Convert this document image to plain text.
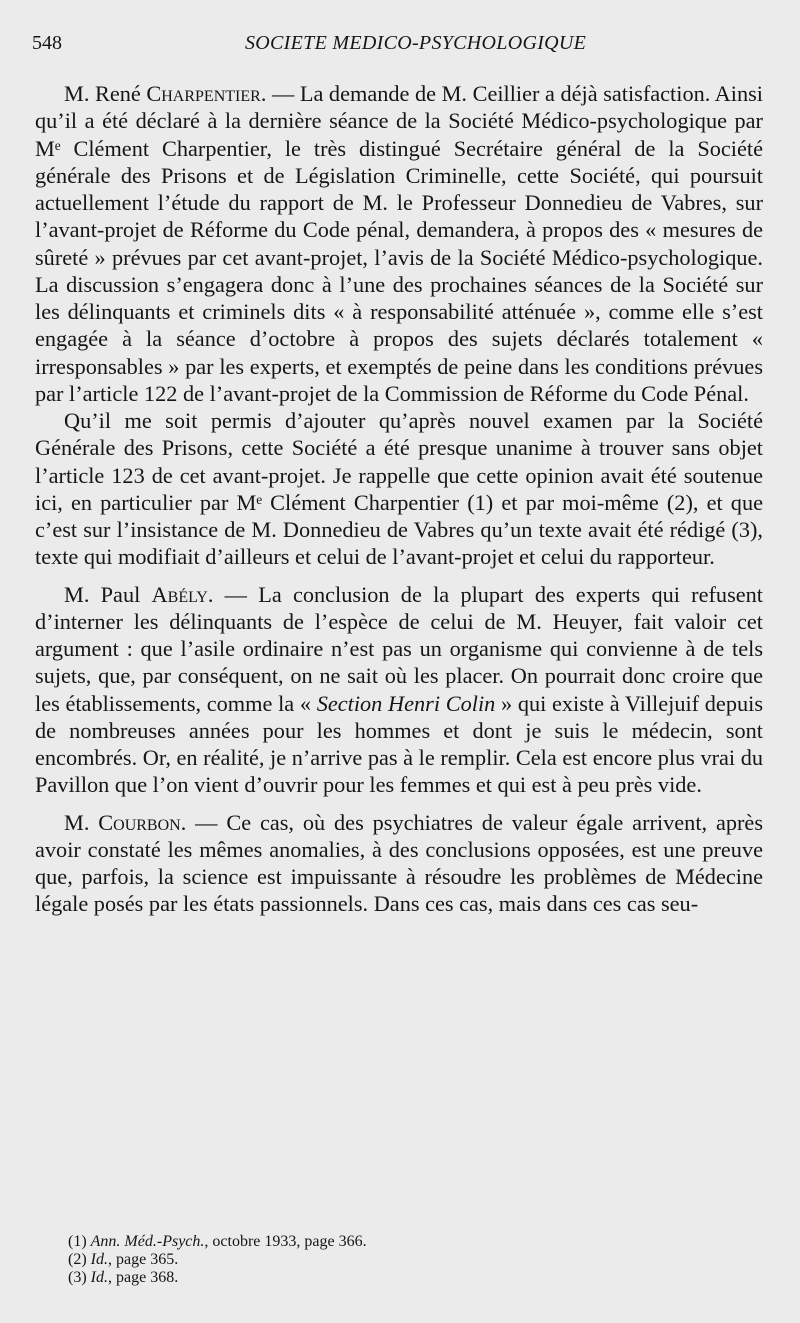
548	SOCIETE MEDICO-PSYCHOLOGIQUE

M. René Charpentier. — La demande de M. Ceillier a déjà satisfaction. Ainsi qu’il a été déclaré à la dernière séance de la Société Médico-psychologique par Mᵉ Clément Charpentier, le très distingué Secrétaire général de la Société générale des Prisons et de Législation Criminelle, cette Société, qui poursuit actuellement l’étude du rapport de M. le Professeur Donnedieu de Vabres, sur l’avant-projet de Réforme du Code pénal, demandera, à propos des « mesures de sûreté » prévues par cet avant-projet, l’avis de la Société Médico-psychologique. La discussion s’engagera donc à l’une des prochaines séances de la Société sur les délinquants et criminels dits « à responsabilité atténuée », comme elle s’est engagée à la séance d’octobre à propos des sujets déclarés totalement « irresponsables » par les experts, et exemptés de peine dans les conditions prévues par l’article 122 de l’avant-projet de la Commission de Réforme du Code Pénal.

Qu’il me soit permis d’ajouter qu’après nouvel examen par la Société Générale des Prisons, cette Société a été presque unanime à trouver sans objet l’article 123 de cet avant-projet. Je rappelle que cette opinion avait été soutenue ici, en particulier par Mᵉ Clément Charpentier (1) et par moi-même (2), et que c’est sur l’insistance de M. Donnedieu de Vabres qu’un texte avait été rédigé (3), texte qui modifiait d’ailleurs et celui de l’avant-projet et celui du rapporteur.

M. Paul Abély. — La conclusion de la plupart des experts qui refusent d’interner les délinquants de l’espèce de celui de M. Heuyer, fait valoir cet argument : que l’asile ordinaire n’est pas un organisme qui convienne à de tels sujets, que, par conséquent, on ne sait où les placer. On pourrait donc croire que les établissements, comme la « Section Henri Colin » qui existe à Villejuif depuis de nombreuses années pour les hommes et dont je suis le médecin, sont encombrés. Or, en réalité, je n’arrive pas à le remplir. Cela est encore plus vrai du Pavillon que l’on vient d’ouvrir pour les femmes et qui est à peu près vide.

M. Courbon. — Ce cas, où des psychiatres de valeur égale arrivent, après avoir constaté les mêmes anomalies, à des conclusions opposées, est une preuve que, parfois, la science est impuissante à résoudre les problèmes de Médecine légale posés par les états passionnels. Dans ces cas, mais dans ces cas seu-

(1) Ann. Méd.-Psych., octobre 1933, page 366.
(2) Id., page 365.
(3) Id., page 368.
